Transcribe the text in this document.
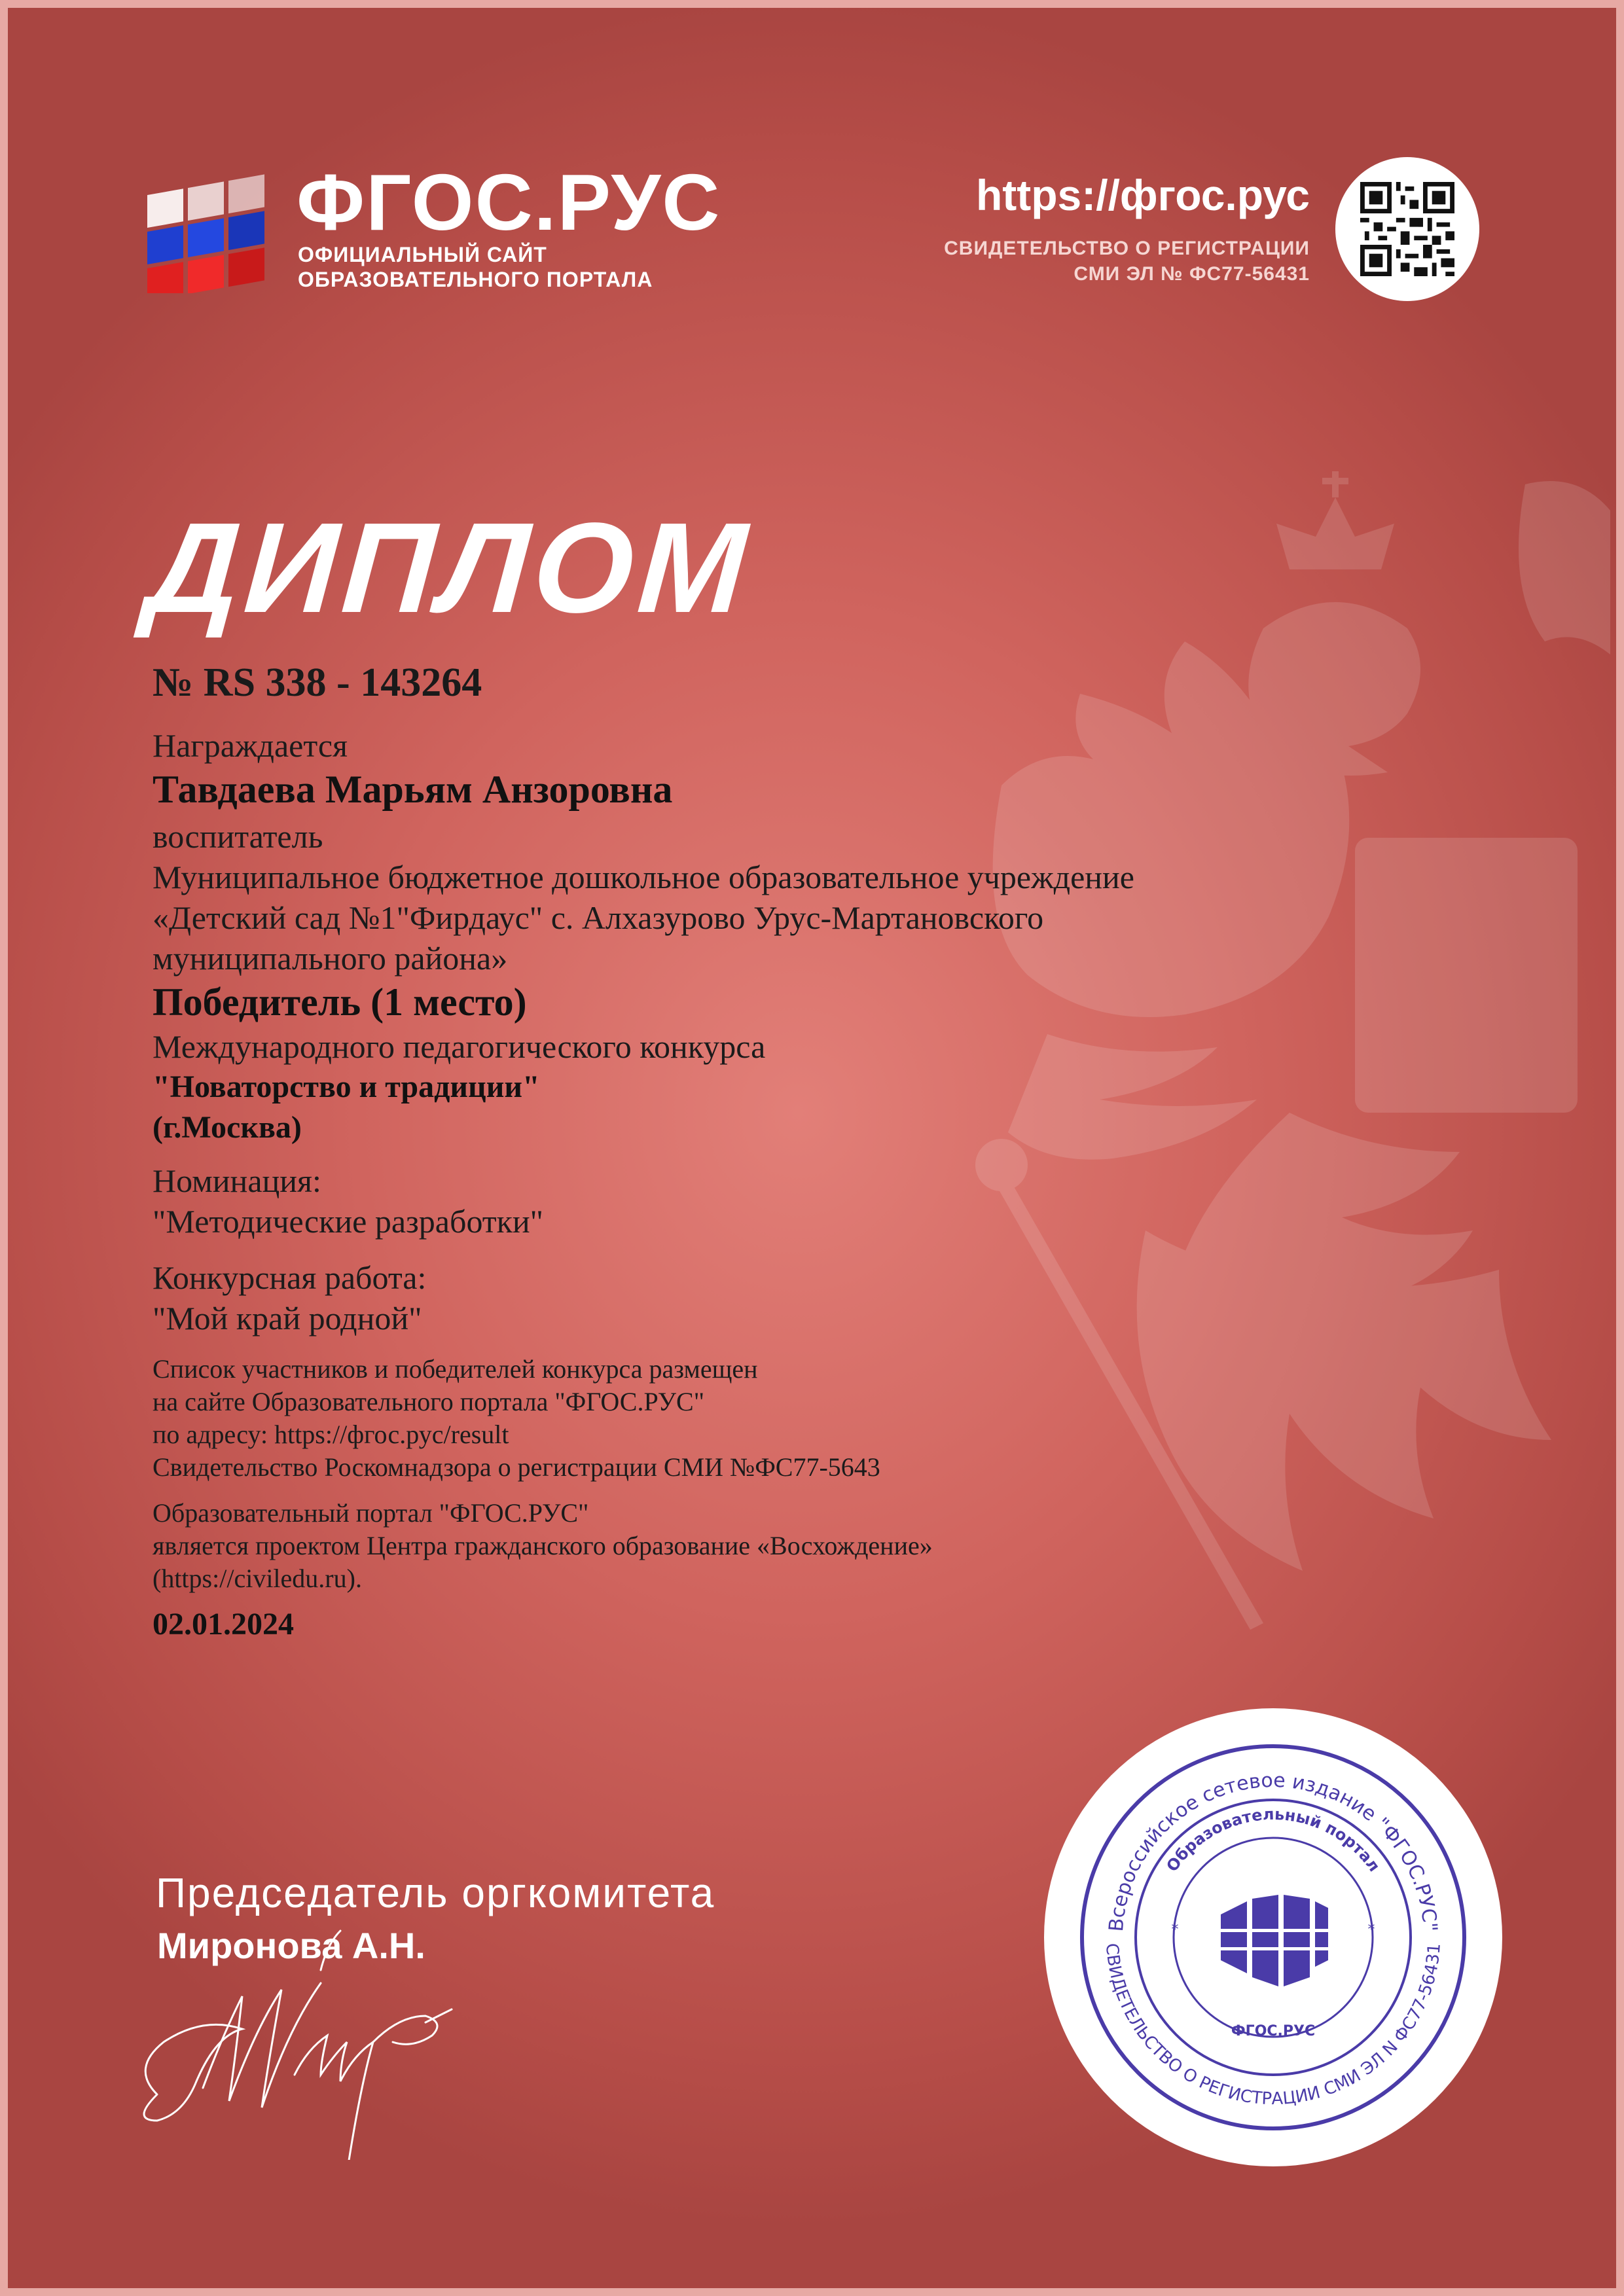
ФГОС.РУС
ОФИЦИАЛЬНЫЙ САЙТ
ОБРАЗОВАТЕЛЬНОГО ПОРТАЛА
https://фгос.рус
СВИДЕТЕЛЬСТВО О РЕГИСТРАЦИИ
СМИ ЭЛ № ФС77-56431
ДИПЛОМ
№ RS 338 - 143264
Награждается
Тавдаева Марьям Анзоровна
воспитатель
Муниципальное бюджетное дошкольное образовательное учреждение
«Детский сад №1"Фирдаус" с. Алхазурово Урус-Мартановского
муниципального района»
Победитель (1 место)
Международного педагогического конкурса
"Новаторство и традиции"
(г.Москва)
Номинация:
"Методические разработки"
Конкурсная работа:
"Мой край родной"
Список участников и победителей конкурса размещен
на сайте Образовательного портала "ФГОС.РУС"
по адресу: https://фгос.рус/result
Свидетельство Роскомнадзора о регистрации СМИ №ФС77-5643
Образовательный портал "ФГОС.РУС"
является проектом Центра гражданского образование «Восхождение»
(https://civiledu.ru).
02.01.2024
Председатель оргкомитета
Миронова А.Н.
Всероссийское сетевое издание "ФГОС.РУС"
СВИДЕТЕЛЬСТВО О РЕГИСТРАЦИИ СМИ ЭЛ N ФС77-56431
Образовательный портал
*	*
ФГОС.РУС
